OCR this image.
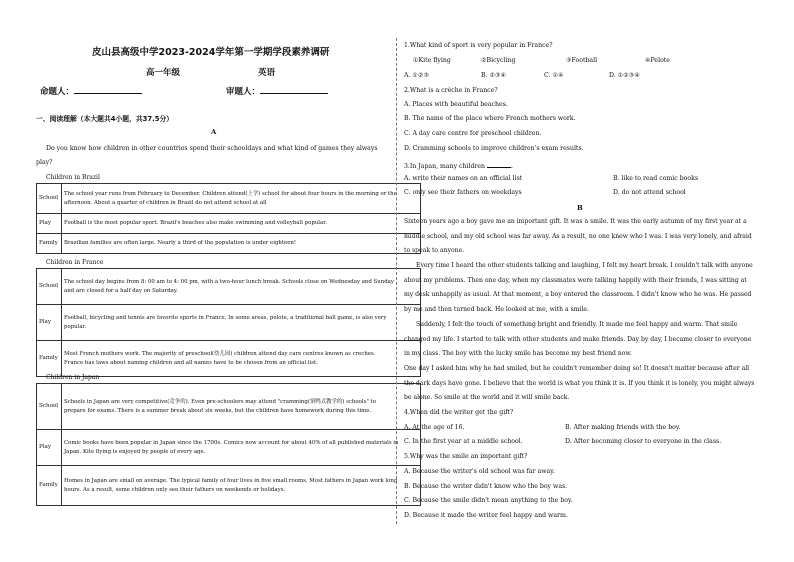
皮山县高级中学2023-2024学年第一学期学段素养调研
高一年级	英语
命题人：	审题人：
一、阅读理解（本大题共4小题，共37.5分）
A
Do you know how children in other countries spend their schooldays and what kind of games they always
play?
Children in Brazil
School	The school year runs from February to December. Children attend(上学) school for about four hours in the morning or the
afternoon. About a quarter of children in Brazil do not attend school at all

Play	Football is the most popular sport. Brazil's beaches also make swimming and volleyball popular.

Family	Brazilian families are often large. Nearly a third of the population is under eighteen!
Children in France
School	The school day begins from 8: 00 am to 4: 00 pm, with a two-hour lunch break. Schools close on Wednesday and Sunday
and are closed for a half day on Saturday.

Play	Football, bicycling and tennis are favorite sports in France. In some areas, pelote, a traditional ball game, is also very
popular.

Family	Most French mothers work. The majority of preschool(幼儿园) children attend day care centres known as creches.
France has laws about naming children and all names have to be chosen from an official list.
Children in Japan
School	Schools in Japan are very competitive(竞争的). Even pre-schoolers may attend "cramming(填鸭式教学的) schools" to
prepare for exams. There is a summer break about six weeks, but the children have homework during this time.

Play	Comic books have been popular in Japan since the 1700s. Comics now account for about 40% of all published materials in
Japan. Kite flying is enjoyed by people of every age.

Family	Homes in Japan are small on average. The typical family of four lives in five small rooms. Most fathers in Japan work long
hours. As a result, some children only see their fathers on weekends or holidays.
1.What kind of sport is very popular in France?
①Kite flying	②Bicycling	③Football	④Pelote
A. ①②③	B. ②③④	C. ①④	D. ①②③④
2.What is a crèche in France?
A. Places with beautiful beaches.
B. The name of the place where French mothers work.
C. A day care centre for preschool children.
D. Cramming schools to improve children's exam results.
3.In Japan, many children	.
A. write their names on an official list	B. like to read comic books
C. only see their fathers on weekdays	D. do not attend school
B
Sixteen years ago a boy gave me an important gift. It was a smile. It was the early autumn of my first year at a middle school, and my old school was far away. As a result, no one knew who I was. I was very lonely, and afraid to speak to anyone.
Every time I heard the other students talking and laughing, I felt my heart break. I couldn't talk with anyone about my problems. Then one day, when my classmates were talking happily with their friends, I was sitting at my desk unhappily as usual. At that moment, a boy entered the classroom. I didn't know who he was. He passed by me and then turned back. He looked at me, with a smile.
Suddenly, I felt the touch of something bright and friendly. It made me feel happy and warm. That smile changed my life. I started to talk with other students and make friends. Day by day, I became closer to everyone in my class. The boy with the lucky smile has become my best friend now.
One day I asked him why he had smiled, but he couldn't remember doing so! It doesn't matter because after all the dark days have gone. I believe that the world is what you think it is. If you think it is lonely, you might always be alone. So smile at the world and it will smile back.
4.When did the writer get the gift?
A. At the age of 16.	B. After making friends with the boy.
C. In the first year at a middle school.	D. After becoming closer to everyone in the class.
5.Why was the smile an important gift?
A. Because the writer's old school was far away.
B. Because the writer didn't know who the boy was.
C. Because the smile didn't mean anything to the boy.
D. Because it made the writer feel happy and warm.
